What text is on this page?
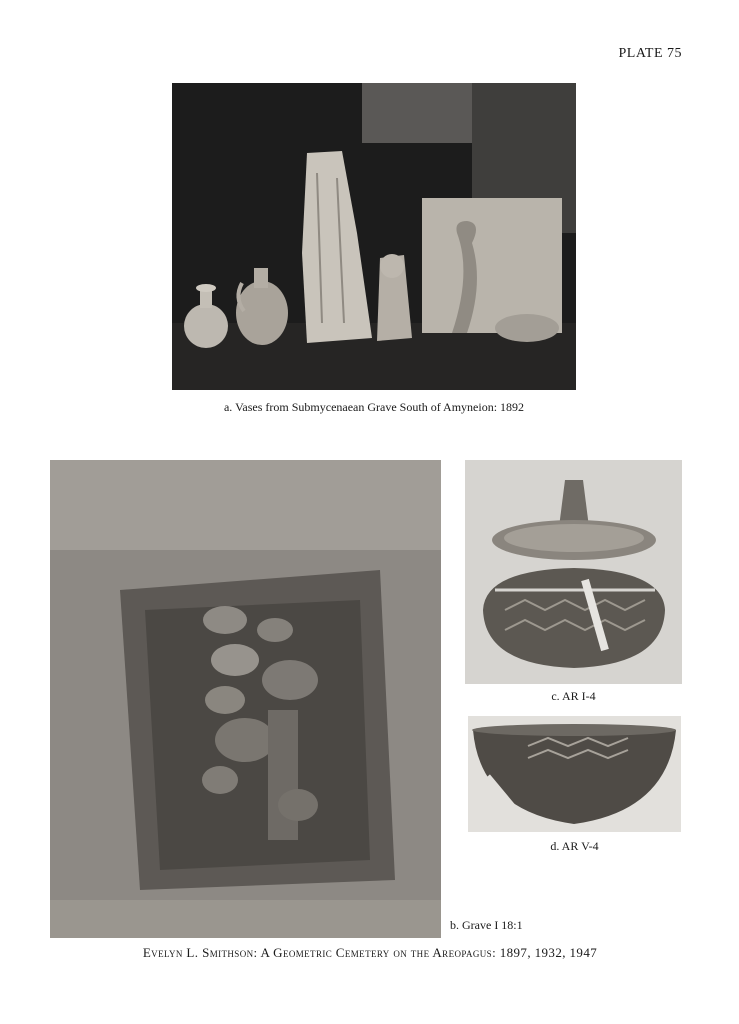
PLATE 75
a. Vases from Submycenaean Grave South of Amyneion: 1892
b. Grave I 18:1
c. AR I-4
d. AR V-4
Evelyn L. Smithson: A Geometric Cemetery on the Areopagus: 1897, 1932, 1947
